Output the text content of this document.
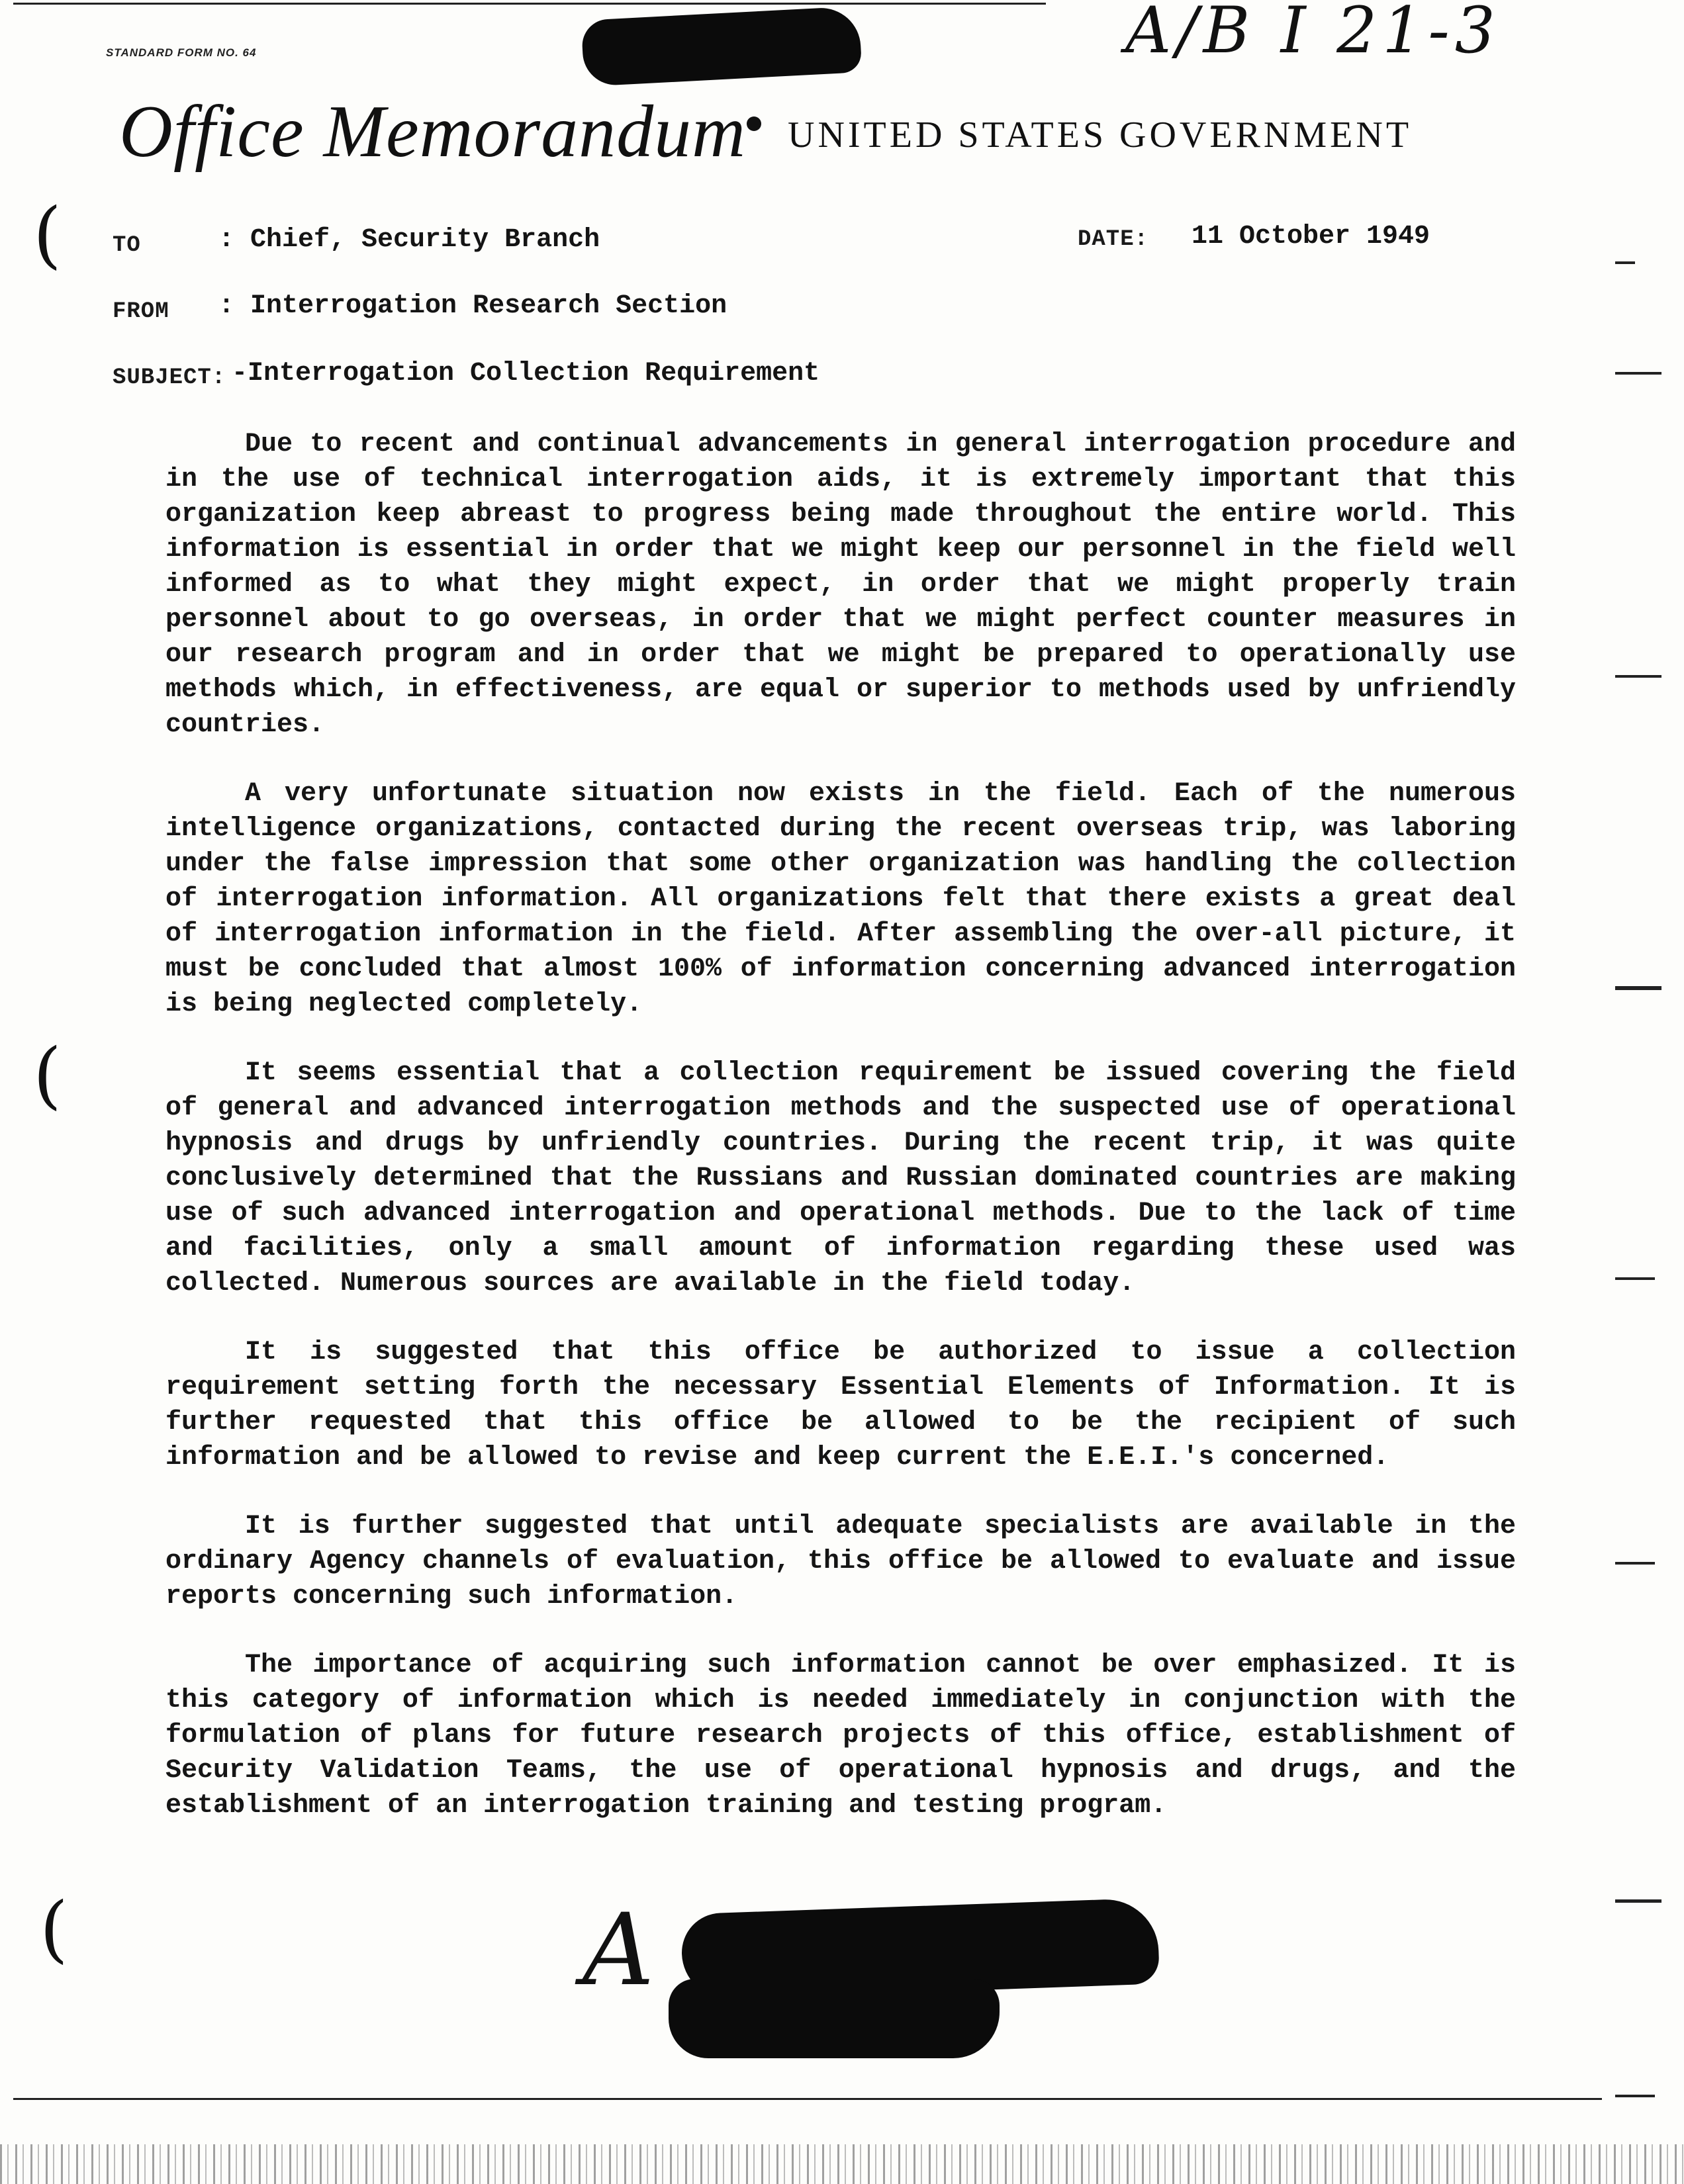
STANDARD FORM NO. 64	A/B I 21-3
Office Memorandum UNITED STATES GOVERNMENT
TO	: Chief, Security Branch	DATE: 11 October 1949
FROM : Interrogation Research Section
SUBJECT: -Interrogation Collection Requirement

Due to recent and continual advancements in general interrogation procedure and in the use of technical interrogation aids, it is extremely important that this organization keep abreast to progress being made throughout the entire world. This information is essential in order that we might keep our personnel in the field well informed as to what they might expect, in order that we might properly train personnel about to go overseas, in order that we might perfect counter measures in our research program and in order that we might be prepared to operationally use methods which, in effectiveness, are equal or superior to methods used by unfriendly countries.

A very unfortunate situation now exists in the field. Each of the numerous intelligence organizations, contacted during the recent overseas trip, was laboring under the false impression that some other organization was handling the collection of interrogation information. All organizations felt that there exists a great deal of interrogation information in the field. After assembling the over-all picture, it must be concluded that almost 100% of information concerning advanced interrogation is being neglected completely.

It seems essential that a collection requirement be issued covering the field of general and advanced interrogation methods and the suspected use of operational hypnosis and drugs by unfriendly countries. During the recent trip, it was quite conclusively determined that the Russians and Russian dominated countries are making use of such advanced interrogation and operational methods. Due to the lack of time and facilities, only a small amount of information regarding these used was collected. Numerous sources are available in the field today.

It is suggested that this office be authorized to issue a collection requirement setting forth the necessary Essential Elements of Information. It is further requested that this office be allowed to be the recipient of such information and be allowed to revise and keep current the E.E.I.'s concerned.

It is further suggested that until adequate specialists are available in the ordinary Agency channels of evaluation, this office be allowed to evaluate and issue reports concerning such information.

The importance of acquiring such information cannot be over emphasized. It is this category of information which is needed immediately in conjunction with the formulation of plans for future research projects of this office, establishment of Security Validation Teams, the use of operational hypnosis and drugs, and the establishment of an interrogation training and testing program.

A
(
(
(
